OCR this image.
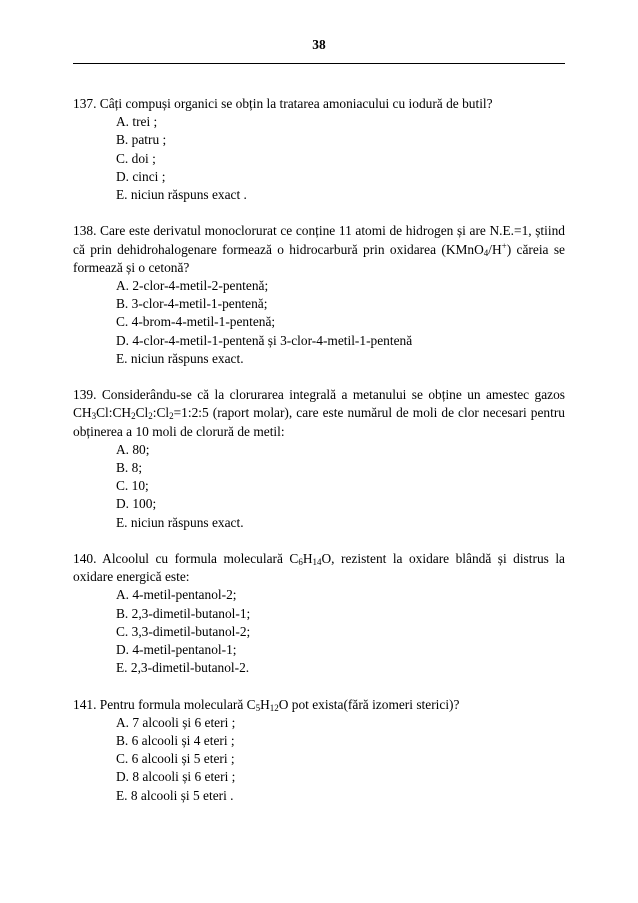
38
137. Câți compuși organici se obțin la tratarea amoniacului cu iodură de butil?
A. trei ;
B. patru ;
C. doi ;
D. cinci ;
E. niciun răspuns exact .
138. Care este derivatul monoclorurat ce conține 11 atomi de hidrogen și are N.E.=1, știind că prin dehidrohalogenare formează o hidrocarbură prin oxidarea (KMnO$_4$/H+) căreia se formează și o cetonă?
A. 2-clor-4-metil-2-pentenă;
B. 3-clor-4-metil-1-pentenă;
C. 4-brom-4-metil-1-pentenă;
D. 4-clor-4-metil-1-pentenă și 3-clor-4-metil-1-pentenă
E. niciun răspuns exact.
139. Considerându-se că la clorurarea integrală a metanului se obține un amestec gazos $CH_3Cl:CH_2Cl_2:Cl_2=1:2:5$ (raport molar), care este numărul de moli de clor necesari pentru obținerea a 10 moli de clorură de metil:
A. 80;
B. 8;
C. 10;
D. 100;
E. niciun răspuns exact.
140. Alcoolul cu formula moleculară $C_6H_{14}O$, rezistent la oxidare blândă și distrus la oxidare energică este:
A. 4-metil-pentanol-2;
B. 2,3-dimetil-butanol-1;
C. 3,3-dimetil-butanol-2;
D. 4-metil-pentanol-1;
E. 2,3-dimetil-butanol-2.
141. Pentru formula moleculară $C_5H_{12}O$ pot exista(fără izomeri sterici)?
A. 7 alcooli și 6 eteri ;
B. 6 alcooli și 4 eteri ;
C. 6 alcooli și 5 eteri ;
D. 8 alcooli și 6 eteri ;
E. 8 alcooli și 5 eteri .
